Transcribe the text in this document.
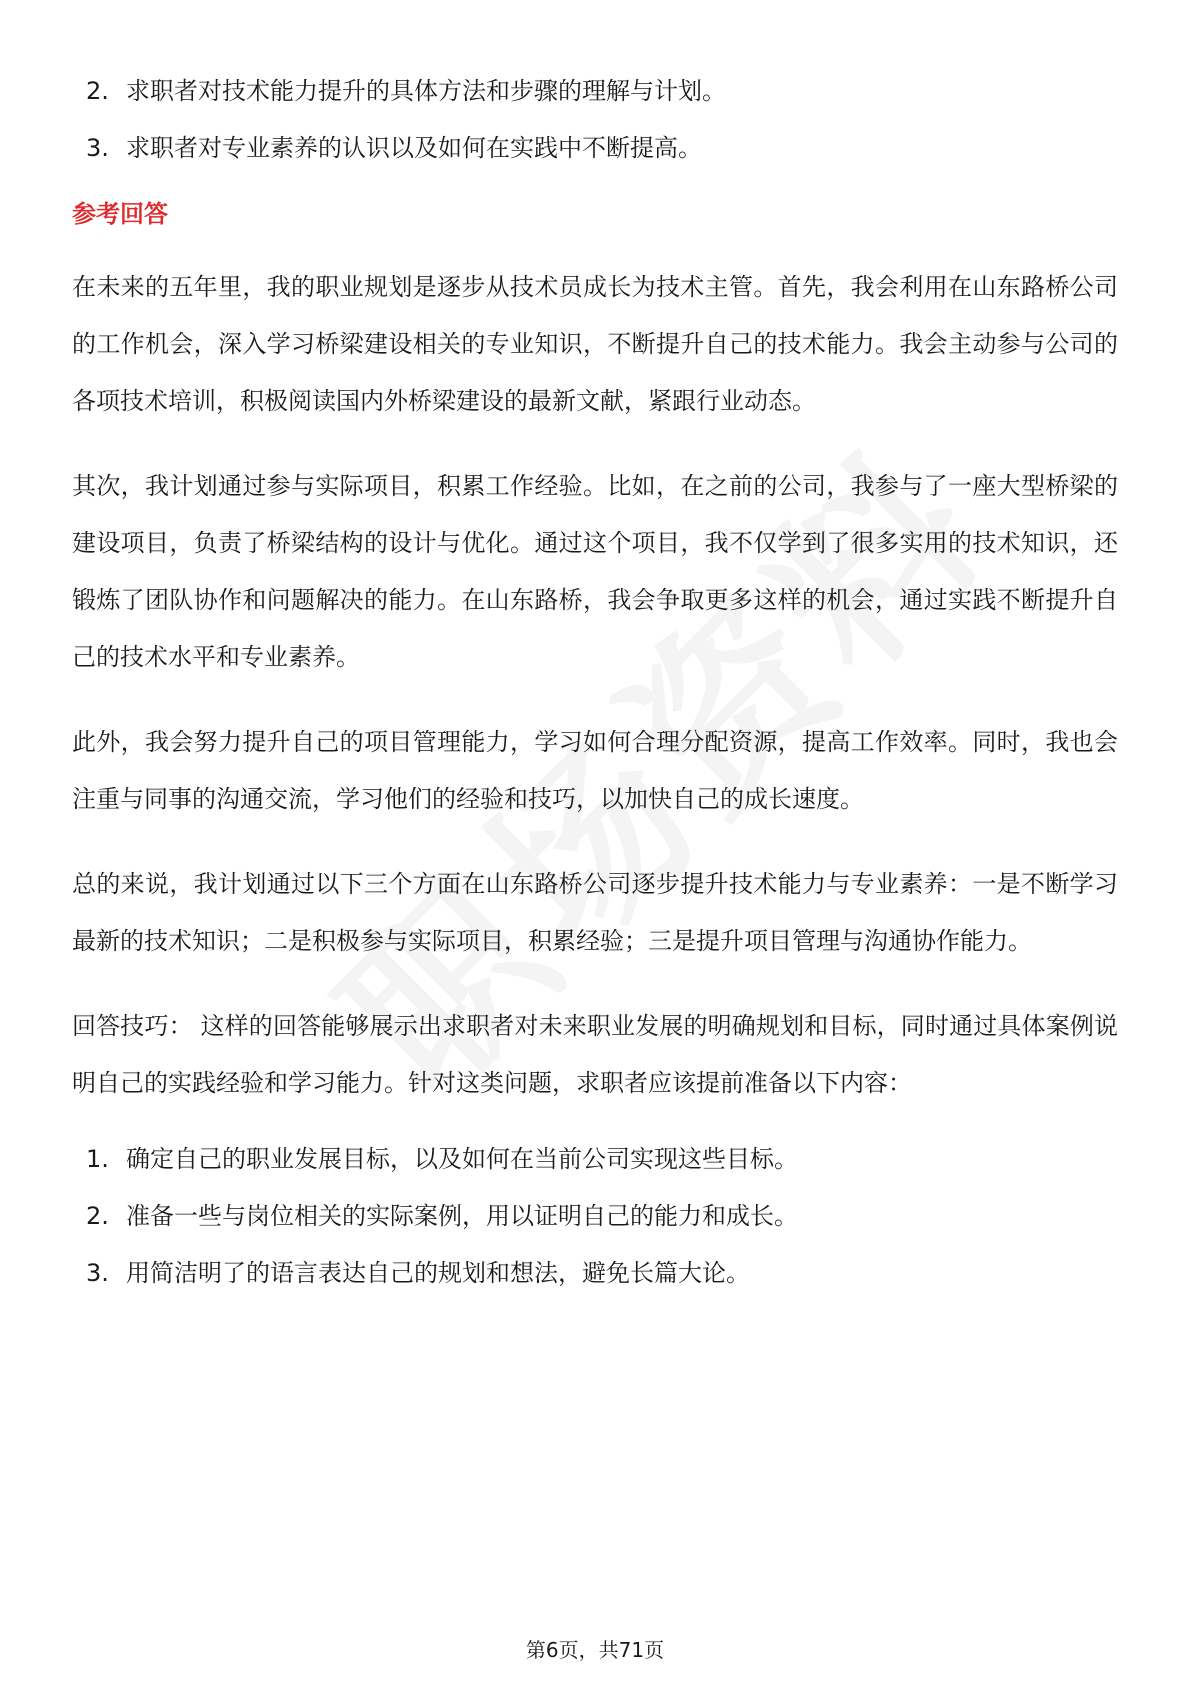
2. 求职者对技术能力提升的具体方法和步骤的理解与计划。
3. 求职者对专业素养的认识以及如何在实践中不断提高。
参考回答

在未来的五年里，我的职业规划是逐步从技术员成长为技术主管。首先，我会利用在山东路桥公司的工作机会，深入学习桥梁建设相关的专业知识，不断提升自己的技术能力。我会主动参与公司的各项技术培训，积极阅读国内外桥梁建设的最新文献，紧跟行业动态。

其次，我计划通过参与实际项目，积累工作经验。比如，在之前的公司，我参与了一座大型桥梁的建设项目，负责了桥梁结构的设计与优化。通过这个项目，我不仅学到了很多实用的技术知识，还锻炼了团队协作和问题解决的能力。在山东路桥，我会争取更多这样的机会，通过实践不断提升自己的技术水平和专业素养。

此外，我会努力提升自己的项目管理能力，学习如何合理分配资源，提高工作效率。同时，我也会注重与同事的沟通交流，学习他们的经验和技巧，以加快自己的成长速度。

总的来说，我计划通过以下三个方面在山东路桥公司逐步提升技术能力与专业素养：一是不断学习最新的技术知识；二是积极参与实际项目，积累经验；三是提升项目管理与沟通协作能力。

回答技巧： 这样的回答能够展示出求职者对未来职业发展的明确规划和目标，同时通过具体案例说明自己的实践经验和学习能力。针对这类问题，求职者应该提前准备以下内容：

1. 确定自己的职业发展目标，以及如何在当前公司实现这些目标。
2. 准备一些与岗位相关的实际案例，用以证明自己的能力和成长。
3. 用简洁明了的语言表达自己的规划和想法，避免长篇大论。
第6页，共71页
